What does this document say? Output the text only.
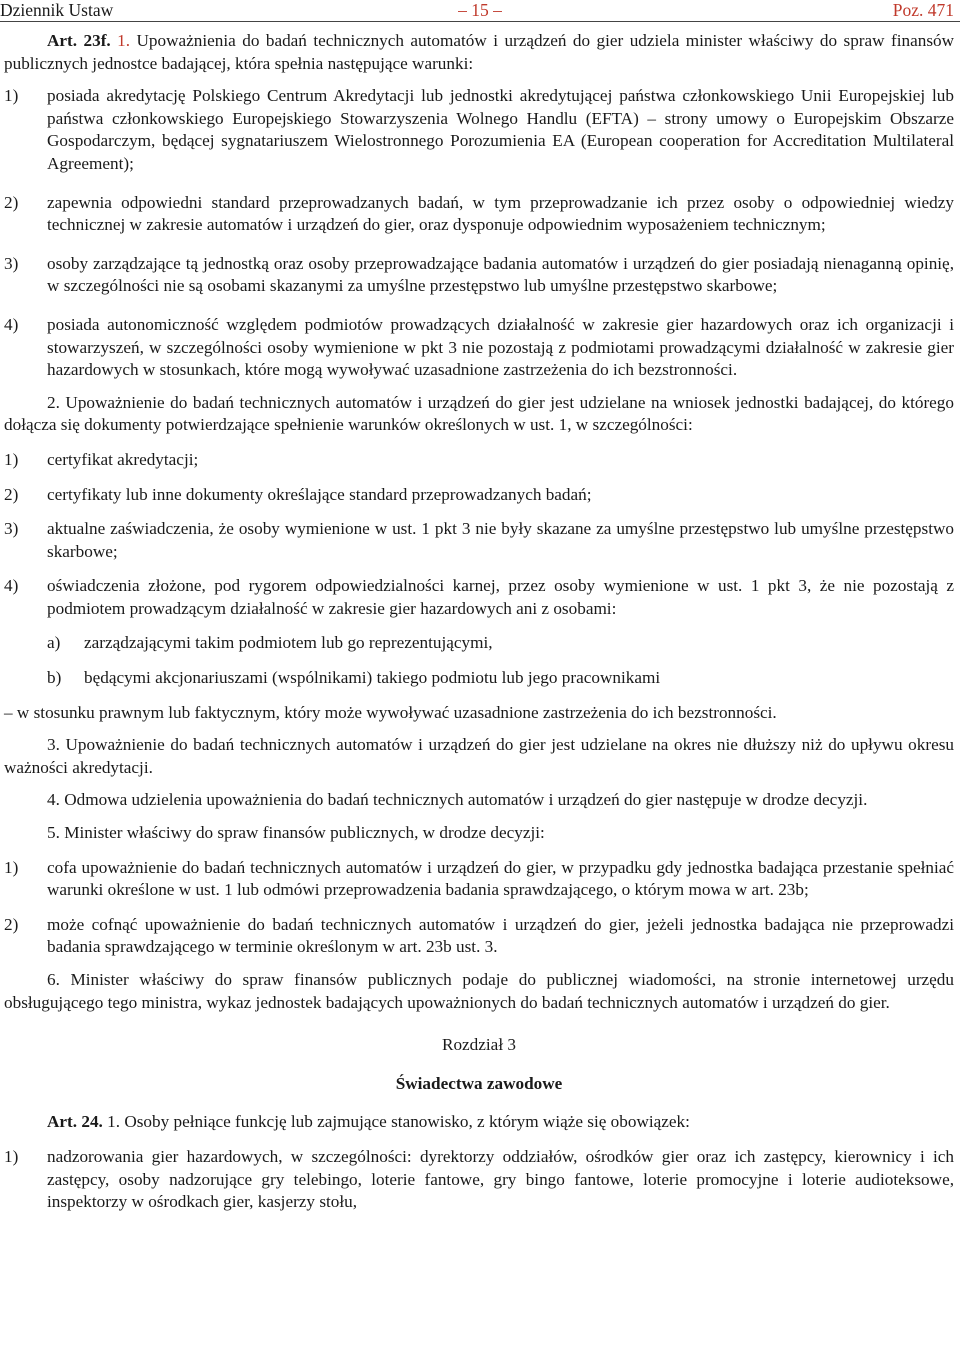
Dziennik Ustaw	– 15 –	Poz. 471

Art. 23f. 1. Upoważnienia do badań technicznych automatów i urządzeń do gier udziela minister właściwy do spraw finansów publicznych jednostce badającej, która spełnia następujące warunki:

1)	posiada akredytację Polskiego Centrum Akredytacji lub jednostki akredytującej państwa członkowskiego Unii Europejskiej lub państwa członkowskiego Europejskiego Stowarzyszenia Wolnego Handlu (EFTA) – strony umowy o Europejskim Obszarze Gospodarczym, będącej sygnatariuszem Wielostronnego Porozumienia EA (European cooperation for Accreditation Multilateral Agreement);
2)	zapewnia odpowiedni standard przeprowadzanych badań, w tym przeprowadzanie ich przez osoby o odpowiedniej wiedzy technicznej w zakresie automatów i urządzeń do gier, oraz dysponuje odpowiednim wyposażeniem technicznym;
3)	osoby zarządzające tą jednostką oraz osoby przeprowadzające badania automatów i urządzeń do gier posiadają nienaganną opinię, w szczególności nie są osobami skazanymi za umyślne przestępstwo lub umyślne przestępstwo skarbowe;
4)	posiada autonomiczność względem podmiotów prowadzących działalność w zakresie gier hazardowych oraz ich organizacji i stowarzyszeń, w szczególności osoby wymienione w pkt 3 nie pozostają z podmiotami prowadzącymi działalność w zakresie gier hazardowych w stosunkach, które mogą wywoływać uzasadnione zastrzeżenia do ich bezstronności.

2. Upoważnienie do badań technicznych automatów i urządzeń do gier jest udzielane na wniosek jednostki badającej, do którego dołącza się dokumenty potwierdzające spełnienie warunków określonych w ust. 1, w szczególności:

1)	certyfikat akredytacji;
2)	certyfikaty lub inne dokumenty określające standard przeprowadzanych badań;
3)	aktualne zaświadczenia, że osoby wymienione w ust. 1 pkt 3 nie były skazane za umyślne przestępstwo lub umyślne przestępstwo skarbowe;
4)	oświadczenia złożone, pod rygorem odpowiedzialności karnej, przez osoby wymienione w ust. 1 pkt 3, że nie pozostają z podmiotem prowadzącym działalność w zakresie gier hazardowych ani z osobami:
a)	zarządzającymi takim podmiotem lub go reprezentującymi,
b)	będącymi akcjonariuszami (wspólnikami) takiego podmiotu lub jego pracownikami

– w stosunku prawnym lub faktycznym, który może wywoływać uzasadnione zastrzeżenia do ich bezstronności.

3. Upoważnienie do badań technicznych automatów i urządzeń do gier jest udzielane na okres nie dłuższy niż do upływu okresu ważności akredytacji.

4. Odmowa udzielenia upoważnienia do badań technicznych automatów i urządzeń do gier następuje w drodze decyzji.

5. Minister właściwy do spraw finansów publicznych, w drodze decyzji:

1)	cofa upoważnienie do badań technicznych automatów i urządzeń do gier, w przypadku gdy jednostka badająca przestanie spełniać warunki określone w ust. 1 lub odmówi przeprowadzenia badania sprawdzającego, o którym mowa w art. 23b;
2)	może cofnąć upoważnienie do badań technicznych automatów i urządzeń do gier, jeżeli jednostka badająca nie przeprowadzi badania sprawdzającego w terminie określonym w art. 23b ust. 3.

6. Minister właściwy do spraw finansów publicznych podaje do publicznej wiadomości, na stronie internetowej urzędu obsługującego tego ministra, wykaz jednostek badających upoważnionych do badań technicznych automatów i urządzeń do gier.

Rozdział 3

Świadectwa zawodowe

Art. 24. 1. Osoby pełniące funkcję lub zajmujące stanowisko, z którym wiąże się obowiązek:

1)	nadzorowania gier hazardowych, w szczególności: dyrektorzy oddziałów, ośrodków gier oraz ich zastępcy, kierownicy i ich zastępcy, osoby nadzorujące gry telebingo, loterie fantowe, gry bingo fantowe, loterie promocyjne i loterie audioteksowe, inspektorzy w ośrodkach gier, kasjerzy stołu,
